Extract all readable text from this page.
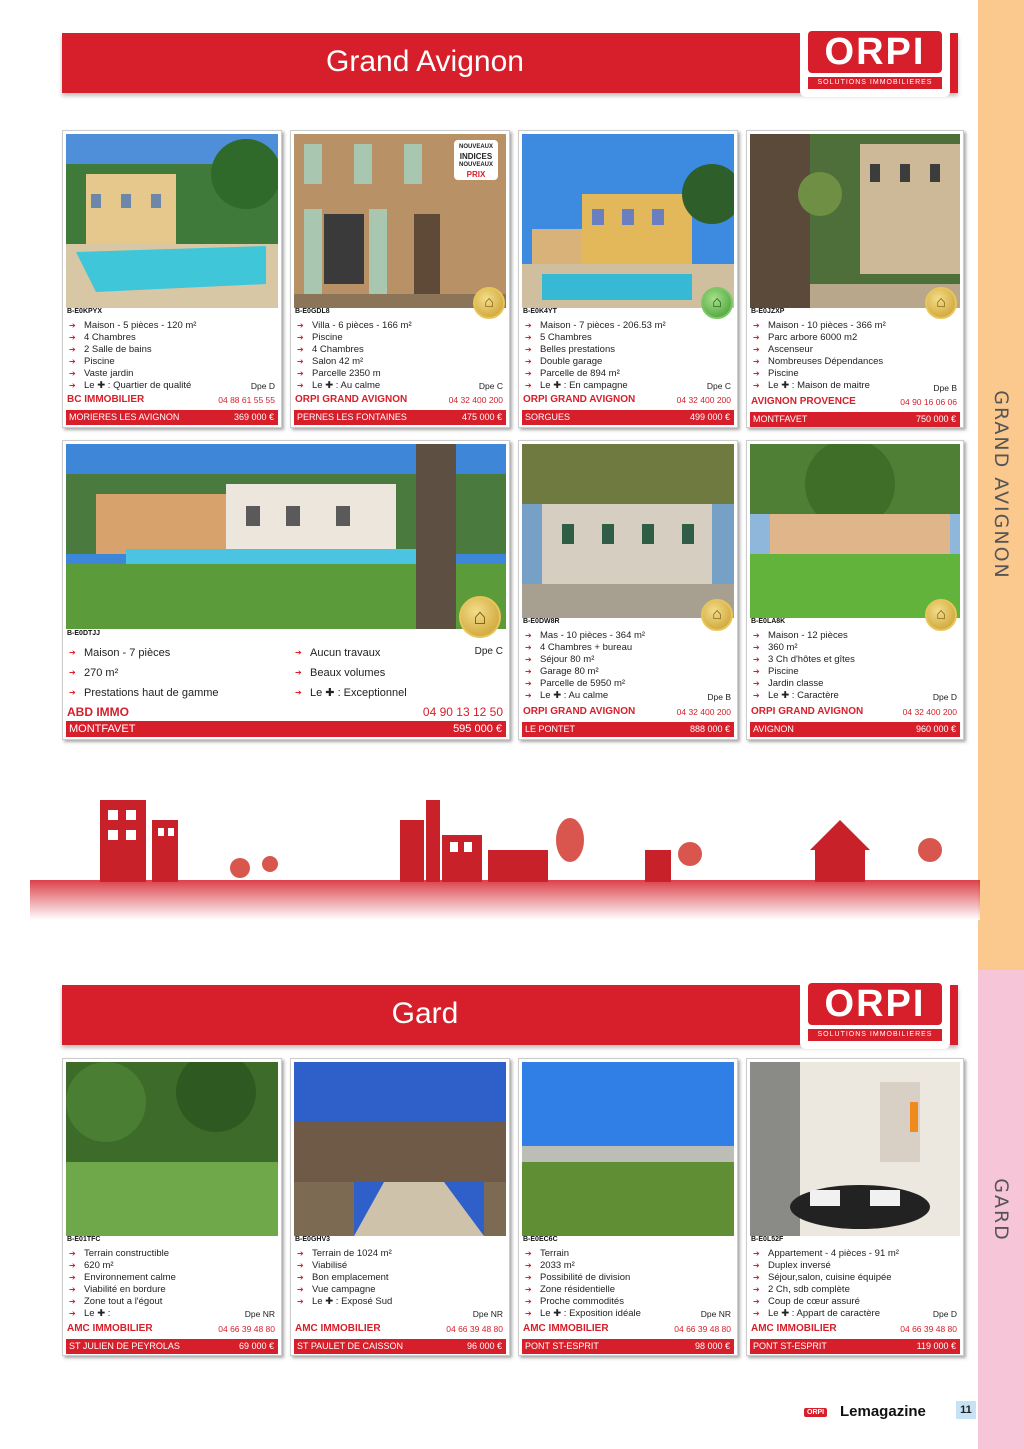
GRAND AVIGNON
GARD
Grand Avignon	ORPI
SOLUTIONS IMMOBILIERES
B-E0KPYX
➔ Maison - 5 pièces - 120 m²
➔ 4 Chambres
➔ 2 Salle de bains
➔ Piscine
➔ Vaste jardin
➔ Le ✚ : Quartier de qualité	Dpe D
BC IMMOBILIER	04 88 61 55 55
MORIERES LES AVIGNON	369 000 €
NOUVEAUX
INDICES
NOUVEAUX
PRIX
⌂
B-E0GDL8
➔ Villa - 6 pièces - 166 m²
➔ Piscine
➔ 4 Chambres
➔ Salon 42 m²
➔ Parcelle 2350 m
➔ Le ✚ : Au calme	Dpe C
ORPI GRAND AVIGNON	04 32 400 200
PERNES LES FONTAINES	475 000 €
⌂
B-E0K4YT
➔ Maison - 7 pièces - 206.53 m²
➔ 5 Chambres
➔ Belles prestations
➔ Double garage
➔ Parcelle de 894 m²
➔ Le ✚ : En campagne	Dpe C
ORPI GRAND AVIGNON	04 32 400 200
SORGUES	499 000 €
⌂
B-E0JZXP
➔ Maison - 10 pièces - 366 m²
➔ Parc arbore 6000 m2
➔ Ascenseur
➔ Nombreuses Dépendances
➔ Piscine
➔ Le ✚ : Maison de maitre	Dpe B
AVIGNON PROVENCE	04 90 16 06 06
MONTFAVET	750 000 €
⌂
B-E0DTJJ
➔ Maison - 7 pièces
➔ 270 m²
➔ Prestations haut de gamme
➔ Aucun travaux
➔ Beaux volumes
➔ Le ✚ : Exceptionnel
Dpe C
ABD IMMO	04 90 13 12 50
MONTFAVET	595 000 €
⌂
B-E0DW8R
➔ Mas - 10 pièces - 364 m²
➔ 4 Chambres + bureau
➔ Séjour 80 m²
➔ Garage 80 m²
➔ Parcelle de 5950 m²
➔ Le ✚ : Au calme	Dpe B
ORPI GRAND AVIGNON	04 32 400 200
LE PONTET	888 000 €
⌂
B-E0LA8K
➔ Maison - 12 pièces
➔ 360 m²
➔ 3 Ch d'hôtes et gîtes
➔ Piscine
➔ Jardin classe
➔ Le ✚ : Caractère	Dpe D
ORPI GRAND AVIGNON	04 32 400 200
AVIGNON	960 000 €
Gard	ORPI
SOLUTIONS IMMOBILIERES
B-E01TFC
➔ Terrain constructible
➔ 620 m²
➔ Environnement calme
➔ Viabilité en bordure
➔ Zone tout a l'égout
➔ Le ✚ :	Dpe NR
AMC IMMOBILIER	04 66 39 48 80
ST JULIEN DE PEYROLAS	69 000 €
B-E0GHV3
➔ Terrain de 1024 m²
➔ Viabilisé
➔ Bon emplacement
➔ Vue campagne
➔ Le ✚ : Exposé Sud
Dpe NR
AMC IMMOBILIER	04 66 39 48 80
ST PAULET DE CAISSON	96 000 €
B-E0EC6C
➔ Terrain
➔ 2033 m²
➔ Possibilité de division
➔ Zone résidentielle
➔ Proche commodités
➔ Le ✚ : Exposition idéale	Dpe NR
AMC IMMOBILIER	04 66 39 48 80
PONT ST-ESPRIT	98 000 €
B-E0L52F
➔ Appartement - 4 pièces - 91 m²
➔ Duplex inversé
➔ Séjour,salon, cuisine équipée
➔ 2 Ch, sdb complète
➔ Coup de cœur assuré
➔ Le ✚ : Appart de caractère	Dpe D
AMC IMMOBILIER	04 66 39 48 80
PONT ST-ESPRIT	119 000 €
ORPI Lemagazine	11
